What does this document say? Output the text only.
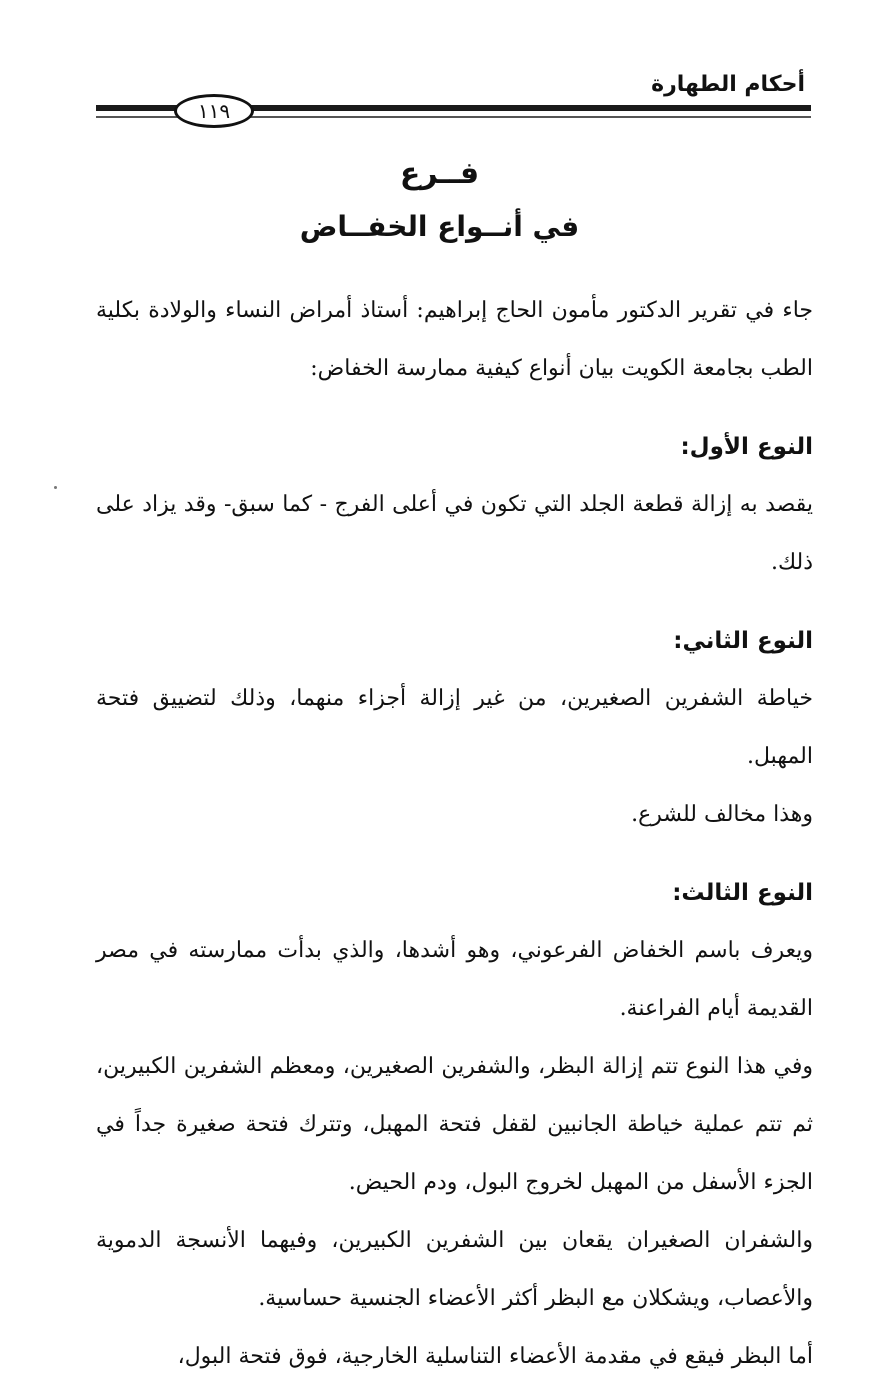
أحكام الطهارة
١١٩
فــرع
في أنــواع الخفــاض

جاء في تقرير الدكتور مأمون الحاج إبراهيم: أستاذ أمراض النساء والولادة بكلية الطب بجامعة الكويت بيان أنواع كيفية ممارسة الخفاض:

النوع الأول:

يقصد به إزالة قطعة الجلد التي تكون في أعلى الفرج - كما سبق- وقد يزاد على ذلك.

النوع الثاني:

خياطة الشفرين الصغيرين، من غير إزالة أجزاء منهما، وذلك لتضييق فتحة المهبل.

وهذا مخالف للشرع.

النوع الثالث:

ويعرف باسم الخفاض الفرعوني، وهو أشدها، والذي بدأت ممارسته في مصر القديمة أيام الفراعنة.

وفي هذا النوع تتم إزالة البظر، والشفرين الصغيرين، ومعظم الشفرين الكبيرين، ثم تتم عملية خياطة الجانبين لقفل فتحة المهبل، وتترك فتحة صغيرة جداً في الجزء الأسفل من المهبل لخروج البول، ودم الحيض.

والشفران الصغيران يقعان بين الشفرين الكبيرين، وفيهما الأنسجة الدموية والأعصاب، ويشكلان مع البظر أكثر الأعضاء الجنسية حساسية.

أما البظر فيقع في مقدمة الأعضاء التناسلية الخارجية، فوق فتحة البول،
